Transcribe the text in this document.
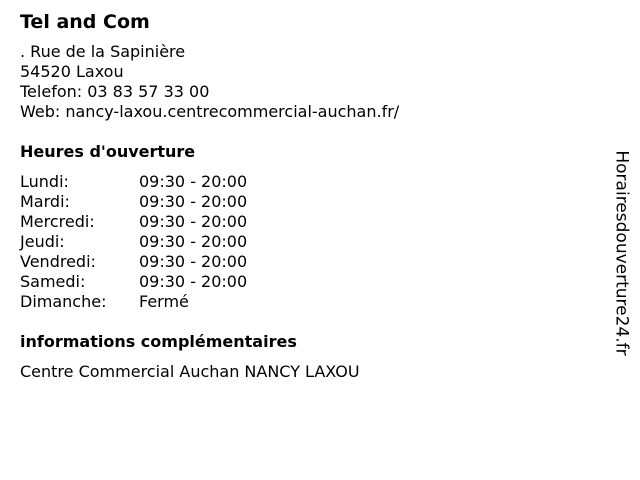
Tel and Com
. Rue de la Sapinière
54520 Laxou
Telefon: 03 83 57 33 00
Web: nancy-laxou.centrecommercial-auchan.fr/
Heures d'ouverture
Lundi:	09:30 - 20:00
Mardi:	09:30 - 20:00
Mercredi:	09:30 - 20:00
Jeudi:	09:30 - 20:00
Vendredi:	09:30 - 20:00
Samedi:	09:30 - 20:00
Dimanche:	Fermé
informations complémentaires
Centre Commercial Auchan NANCY LAXOU
Horairesdouverture24.fr
